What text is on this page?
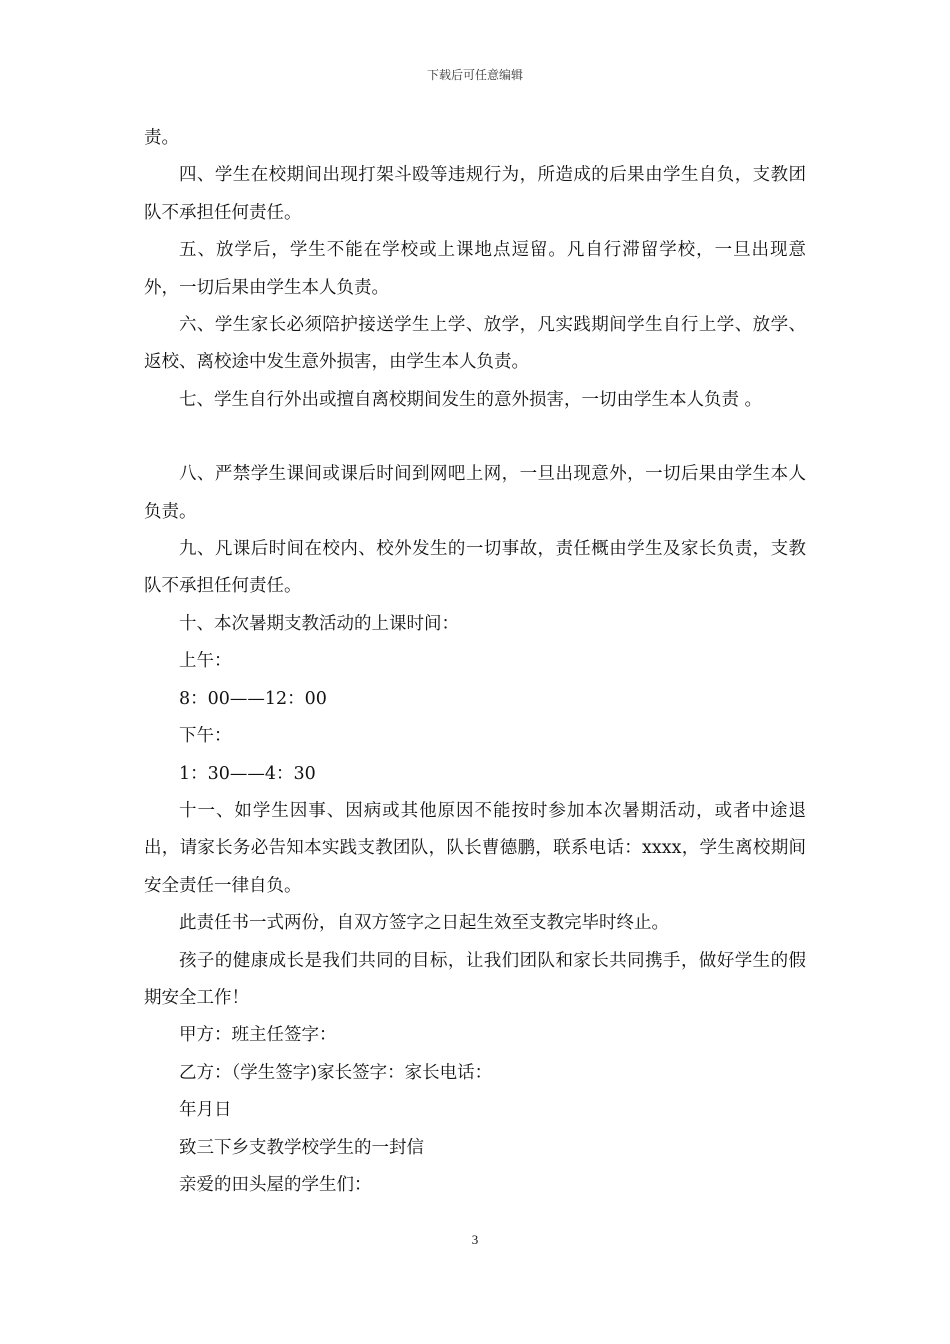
下载后可任意编辑

责。

四、学生在校期间出现打架斗殴等违规行为，所造成的后果由学生自负，支教团队不承担任何责任。

五、放学后，学生不能在学校或上课地点逗留。凡自行滞留学校，一旦出现意外，一切后果由学生本人负责。

六、学生家长必须陪护接送学生上学、放学，凡实践期间学生自行上学、放学、返校、离校途中发生意外损害，由学生本人负责。

七、学生自行外出或擅自离校期间发生的意外损害，一切由学生本人负责 。

八、严禁学生课间或课后时间到网吧上网，一旦出现意外，一切后果由学生本人负责。

九、凡课后时间在校内、校外发生的一切事故，责任概由学生及家长负责，支教队不承担任何责任。

十、本次暑期支教活动的上课时间：

上午：

8：00——12：00

下午：

1：30——4：30

十一、如学生因事、因病或其他原因不能按时参加本次暑期活动，或者中途退出，请家长务必告知本实践支教团队，队长曹德鹏，联系电话：xxxx，学生离校期间安全责任一律自负。

此责任书一式两份，自双方签字之日起生效至支教完毕时终止。

孩子的健康成长是我们共同的目标，让我们团队和家长共同携手，做好学生的假期安全工作！

甲方：班主任签字：

乙方：（学生签字)家长签字：家长电话：

年月日

致三下乡支教学校学生的一封信

亲爱的田头屋的学生们：

3
